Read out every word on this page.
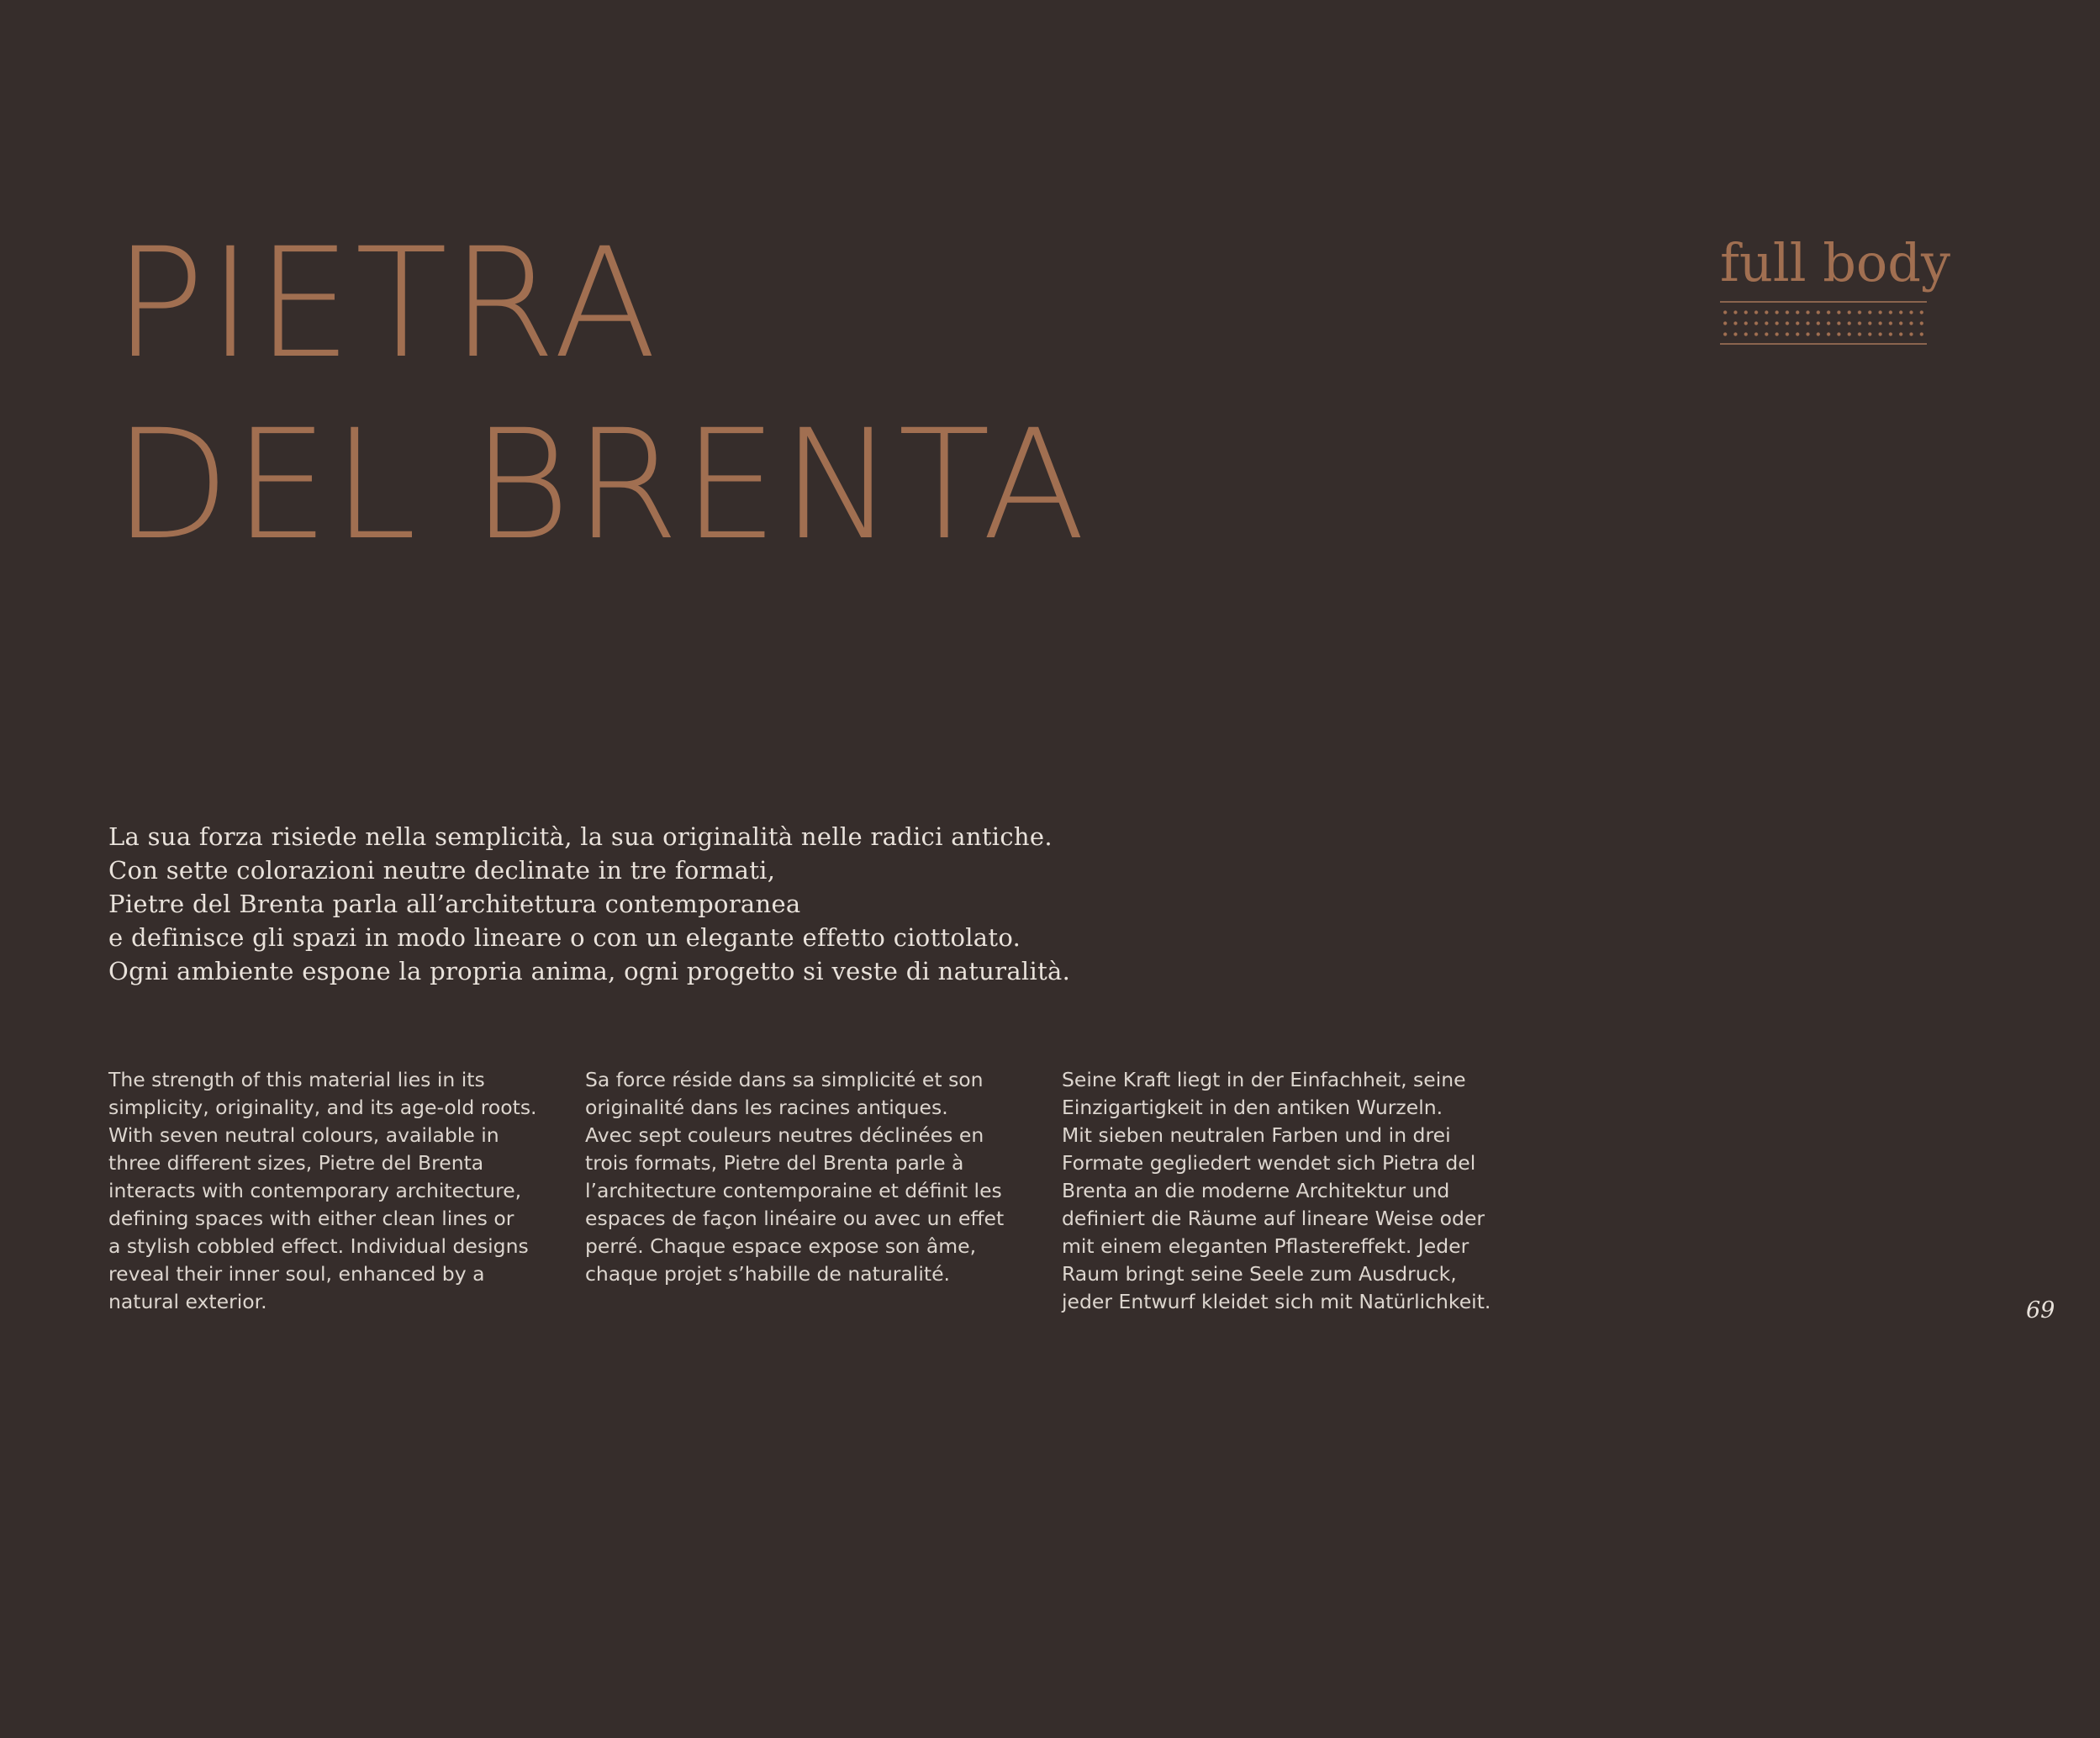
PIETRA
DEL BRENTA
full body
La sua forza risiede nella semplicità, la sua originalità nelle radici antiche.
Con sette colorazioni neutre declinate in tre formati,
Pietre del Brenta parla all’architettura contemporanea
e definisce gli spazi in modo lineare o con un elegante effetto ciottolato.
Ogni ambiente espone la propria anima, ogni progetto si veste di naturalità.
The strength of this material lies in its
simplicity, originality, and its age-old roots.
With seven neutral colours, available in
three different sizes, Pietre del Brenta
interacts with contemporary architecture,
defining spaces with either clean lines or
a stylish cobbled effect. Individual designs
reveal their inner soul, enhanced by a
natural exterior.
Sa force réside dans sa simplicité et son
originalité dans les racines antiques.
Avec sept couleurs neutres déclinées en
trois formats, Pietre del Brenta parle à
l’architecture contemporaine et définit les
espaces de façon linéaire ou avec un effet
perré. Chaque espace expose son âme,
chaque projet s’habille de naturalité.
Seine Kraft liegt in der Einfachheit, seine
Einzigartigkeit in den antiken Wurzeln.
Mit sieben neutralen Farben und in drei
Formate gegliedert wendet sich Pietra del
Brenta an die moderne Architektur und
definiert die Räume auf lineare Weise oder
mit einem eleganten Pflastereffekt. Jeder
Raum bringt seine Seele zum Ausdruck,
jeder Entwurf kleidet sich mit Natürlichkeit.	69
